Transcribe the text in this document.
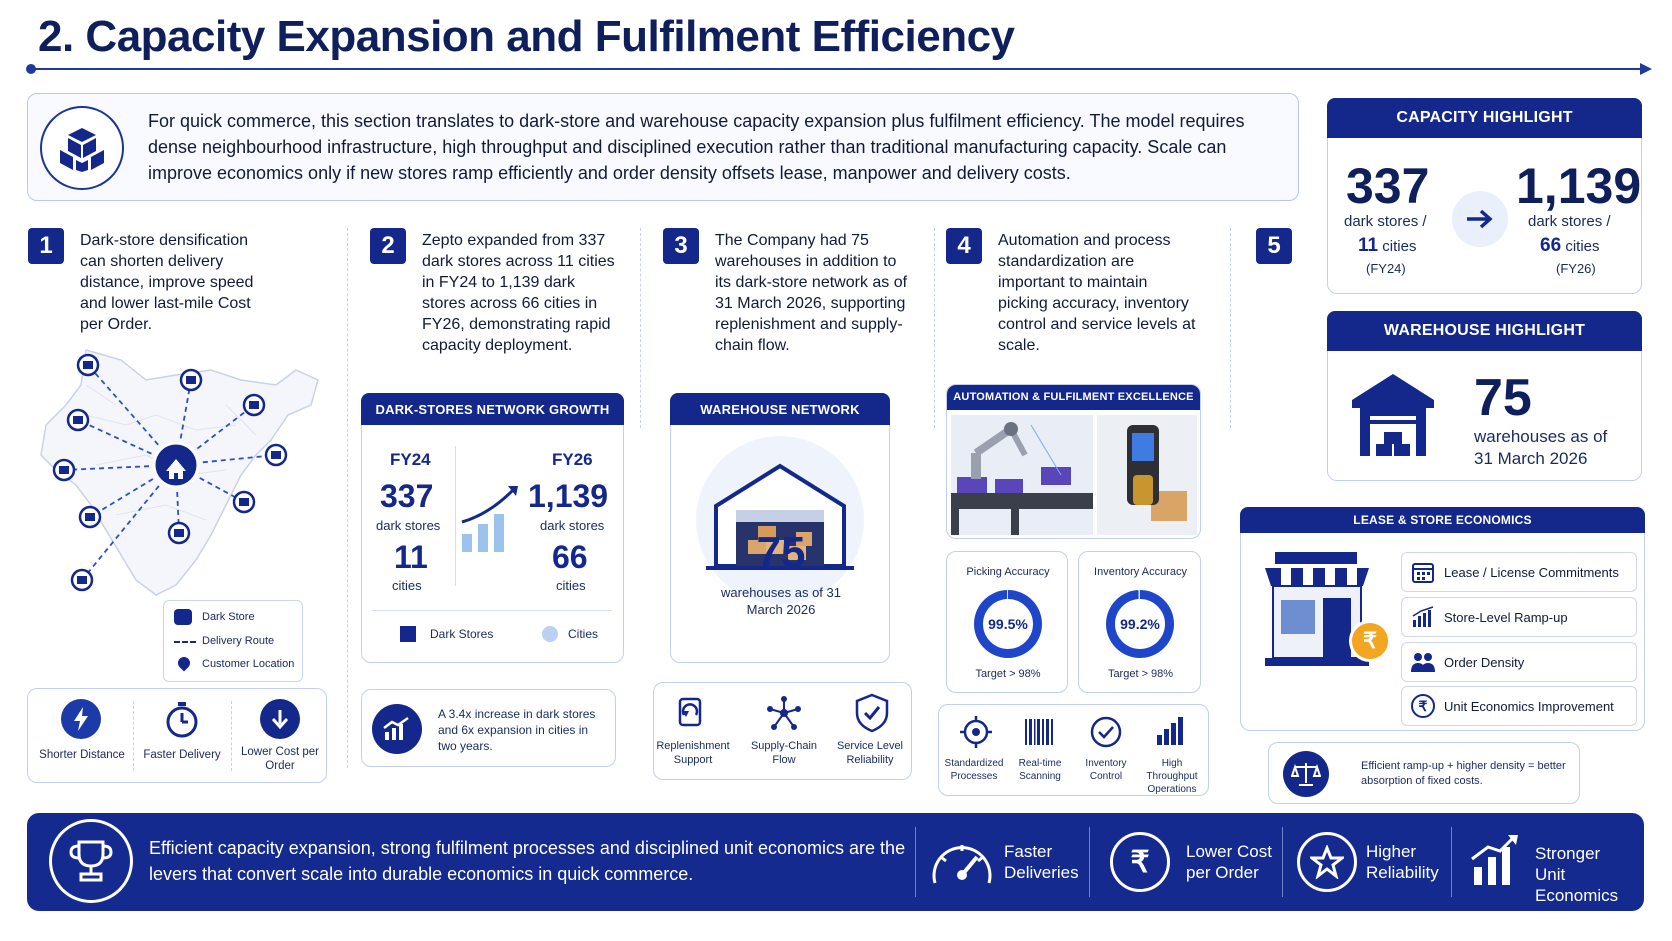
2. Capacity Expansion and Fulfilment Efficiency
For quick commerce, this section translates to dark-store and warehouse capacity expansion plus fulfilment efficiency. The model requires dense neighbourhood infrastructure, high throughput and disciplined execution rather than traditional manufacturing capacity. Scale can improve economics only if new stores ramp efficiently and order density offsets lease, manpower and delivery costs.
1	Dark-store densification can shorten delivery distance, improve speed and lower last-mile Cost per Order.
Dark Store
Delivery Route
Customer Location
Shorter Distance	Faster Delivery	Lower Cost per Order
2	Zepto expanded from 337 dark stores across 11 cities in FY24 to 1,139 dark stores across 66 cities in FY26, demonstrating rapid capacity deployment.
DARK-STORES NETWORK GROWTH
FY24
337
dark stores
11
cities
FY26
1,139
dark stores
66
cities
Dark Stores	Cities
A 3.4x increase in dark stores and 6x expansion in cities in two years.
3	The Company had 75 warehouses in addition to its dark-store network as of 31 March 2026, supporting replenishment and supply-chain flow.
WAREHOUSE NETWORK
75
warehouses as of 31 March 2026
Replenishment Support
Supply-Chain Flow
Service Level Reliability
4	Automation and process standardization are important to maintain picking accuracy, inventory control and service levels at scale.
AUTOMATION & FULFILMENT EXCELLENCE
Picking Accuracy
99.5%
Target > 98%
Inventory Accuracy
99.2%
Target > 98%
Standardized Processes
Real-time Scanning
Inventory Control
High Throughput Operations
5
CAPACITY HIGHLIGHT
337
dark stores /
11 cities
(FY24)
1,139
dark stores /
66 cities
(FY26)
WAREHOUSE HIGHLIGHT
75
warehouses as of 31 March 2026
LEASE & STORE ECONOMICS
₹
Lease / License Commitments
Store-Level Ramp-up
Order Density
₹	Unit Economics Improvement
Efficient ramp-up + higher density = better absorption of fixed costs.
Efficient capacity expansion, strong fulfilment processes and disciplined unit economics are the levers that convert scale into durable economics in quick commerce.
Faster Deliveries	₹	Lower Cost per Order
Higher Reliability
Stronger Unit Economics
